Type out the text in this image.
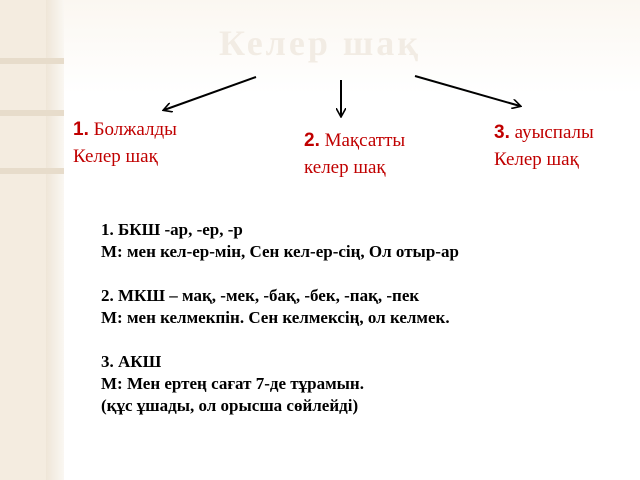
Келер шақ
1. Болжалды
Келер шақ
2. Мақсатты
келер шақ
3. ауыспалы
Келер шақ
1. БКШ -ар, -ер, -р
М: мен кел-ер-мін, Сен кел-ер-сің, Ол отыр-ар
2. МКШ – мақ, -мек, -бақ, -бек, -пақ, -пек
М: мен келмекпін. Сен келмексің, ол келмек.
3. АКШ
М: Мен ертең сағат 7-де тұрамын.
(құс ұшады, ол орысша сөйлейді)
